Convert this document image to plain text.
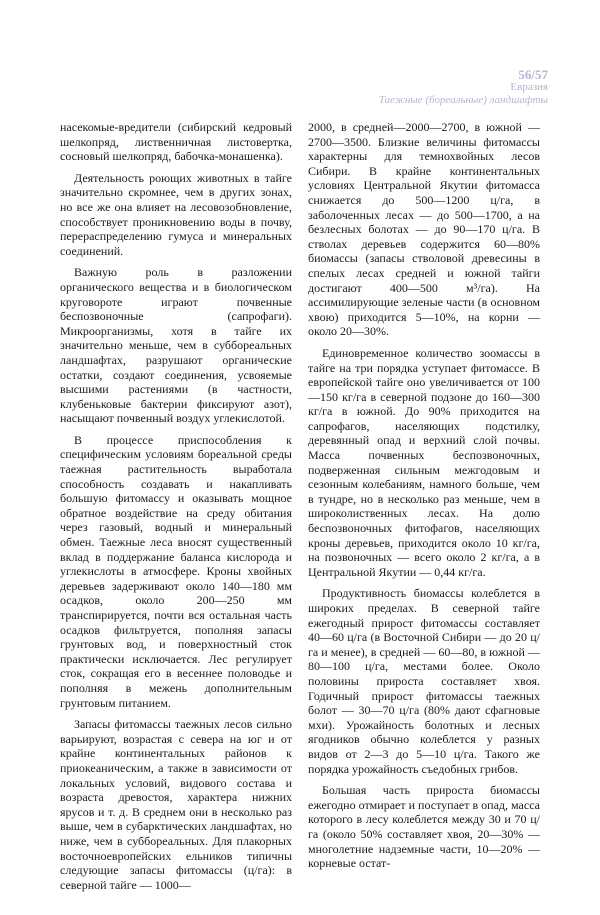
56/57
Евразия
Таежные (бореальные) ландшафты

насекомые-вредители (сибирский кедровый шелкопряд, лиственничная листовертка, сосновый шелкопряд, бабочка-монашенка).

Деятельность роющих животных в тайге значительно скромнее, чем в других зонах, но все же она влияет на лесовозобновление, способствует проникновению воды в почву, перераспределению гумуса и минеральных соединений.

Важную роль в разложении органического вещества и в биологическом круговороте играют почвенные беспозвоночные (сапрофаги). Микроорганизмы, хотя в тайге их значительно меньше, чем в суббореальных ландшафтах, разрушают органические остатки, создают соединения, усвояемые высшими растениями (в частности, клубеньковые бактерии фиксируют азот), насыщают почвенный воздух углекислотой.

В процессе приспособления к специфическим условиям бореальной среды таежная растительность выработала способность создавать и накапливать большую фитомассу и оказывать мощное обратное воздействие на среду обитания через газовый, водный и минеральный обмен. Таежные леса вносят существенный вклад в поддержание баланса кислорода и углекислоты в атмосфере. Кроны хвойных деревьев задерживают около 140—180 мм осадков, около 200—250 мм транспирируется, почти вся остальная часть осадков фильтруется, пополняя запасы грунтовых вод, и поверхностный сток практически исключается. Лес регулирует сток, сокращая его в весеннее половодье и пополняя в межень дополнительным грунтовым питанием.

Запасы фитомассы таежных лесов сильно варьируют, возрастая с севера на юг и от крайне континентальных районов к приокеаническим, а также в зависимости от локальных условий, видового состава и возраста древостоя, характера нижних ярусов и т. д. В среднем они в несколько раз выше, чем в субарктических ландшафтах, но ниже, чем в суббореальных. Для плакорных восточноевропейских ельников типичны следующие запасы фитомассы (ц/га): в северной тайге — 1000—

2000, в средней—2000—2700, в южной — 2700—3500. Близкие величины фитомассы характерны для темнохвойных лесов Сибири. В крайне континентальных условиях Центральной Якутии фитомасса снижается до 500—1200 ц/га, в заболоченных лесах — до 500—1700, а на безлесных болотах — до 90—170 ц/га. В стволах деревьев содержится 60—80% биомассы (запасы стволовой древесины в спелых лесах средней и южной тайги достигают 400—500 м³/га). На ассимилирующие зеленые части (в основном хвою) приходится 5—10%, на корни — около 20—30%.

Единовременное количество зоомассы в тайге на три порядка уступает фитомассе. В европейской тайге оно увеличивается от 100—150 кг/га в северной подзоне до 160—300 кг/га в южной. До 90% приходится на сапрофагов, населяющих подстилку, деревянный опад и верхний слой почвы. Масса почвенных беспозвоночных, подверженная сильным межгодовым и сезонным колебаниям, намного больше, чем в тундре, но в несколько раз меньше, чем в широколиственных лесах. На долю беспозвоночных фитофагов, населяющих кроны деревьев, приходится около 10 кг/га, на позвоночных — всего около 2 кг/га, а в Центральной Якутии — 0,44 кг/га.

Продуктивность биомассы колеблется в широких пределах. В северной тайге ежегодный прирост фитомассы составляет 40—60 ц/га (в Восточной Сибири — до 20 ц/га и менее), в средней — 60—80, в южной — 80—100 ц/га, местами более. Около половины прироста составляет хвоя. Годичный прирост фитомассы таежных болот — 30—70 ц/га (80% дают сфагновые мхи). Урожайность болотных и лесных ягодников обычно колеблется у разных видов от 2—3 до 5—10 ц/га. Такого же порядка урожайность съедобных грибов.

Большая часть прироста биомассы ежегодно отмирает и поступает в опад, масса которого в лесу колеблется между 30 и 70 ц/га (около 50% составляет хвоя, 20—30% — многолетние надземные части, 10—20% — корневые остат-
